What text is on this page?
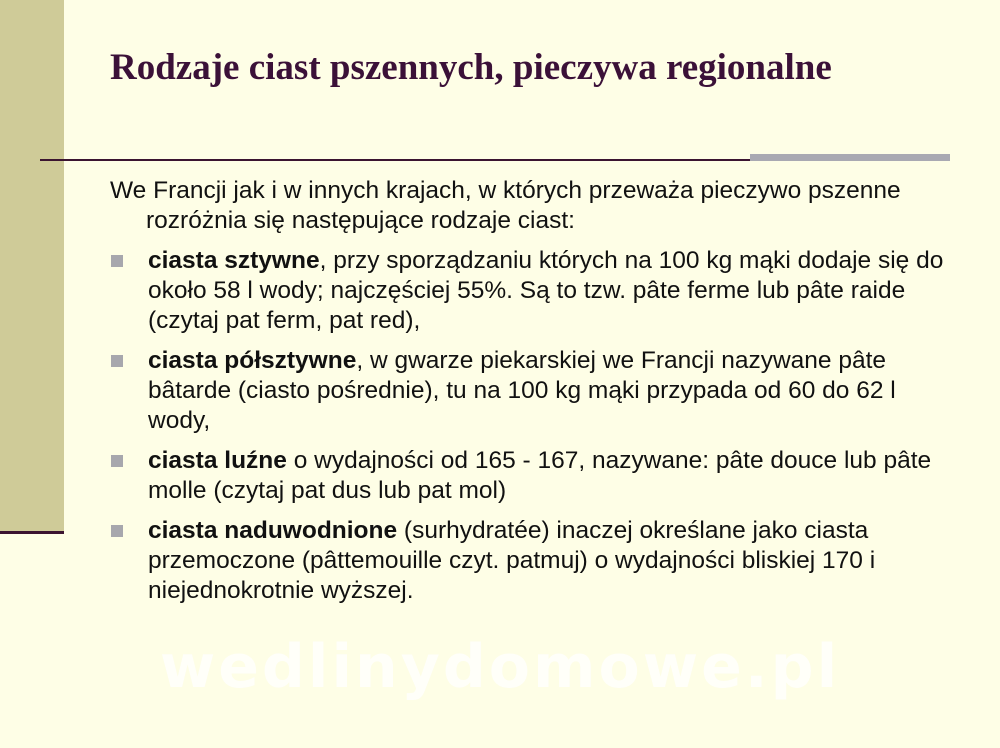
Rodzaje ciast pszennych, pieczywa regionalne

We Francji jak i w innych krajach, w których przeważa pieczywo pszenne rozróżnia się następujące rodzaje ciast:

ciasta sztywne, przy sporządzaniu których na 100 kg mąki dodaje się do około 58 l wody; najczęściej 55%. Są to tzw. pâte ferme lub pâte raide (czytaj pat ferm, pat red),
ciasta półsztywne, w gwarze piekarskiej we Francji nazywane pâte bâtarde (ciasto pośrednie), tu na 100 kg mąki przypada od 60 do 62 l wody,
ciasta luźne o wydajności od 165 - 167, nazywane: pâte douce lub pâte molle (czytaj pat dus lub pat mol)
ciasta naduwodnione (surhydratée) inaczej określane jako ciasta przemoczone (pâttemouille czyt. patmuj) o wydajności bliskiej 170 i niejednokrotnie wyższej.
wedlinydomowe.pl
